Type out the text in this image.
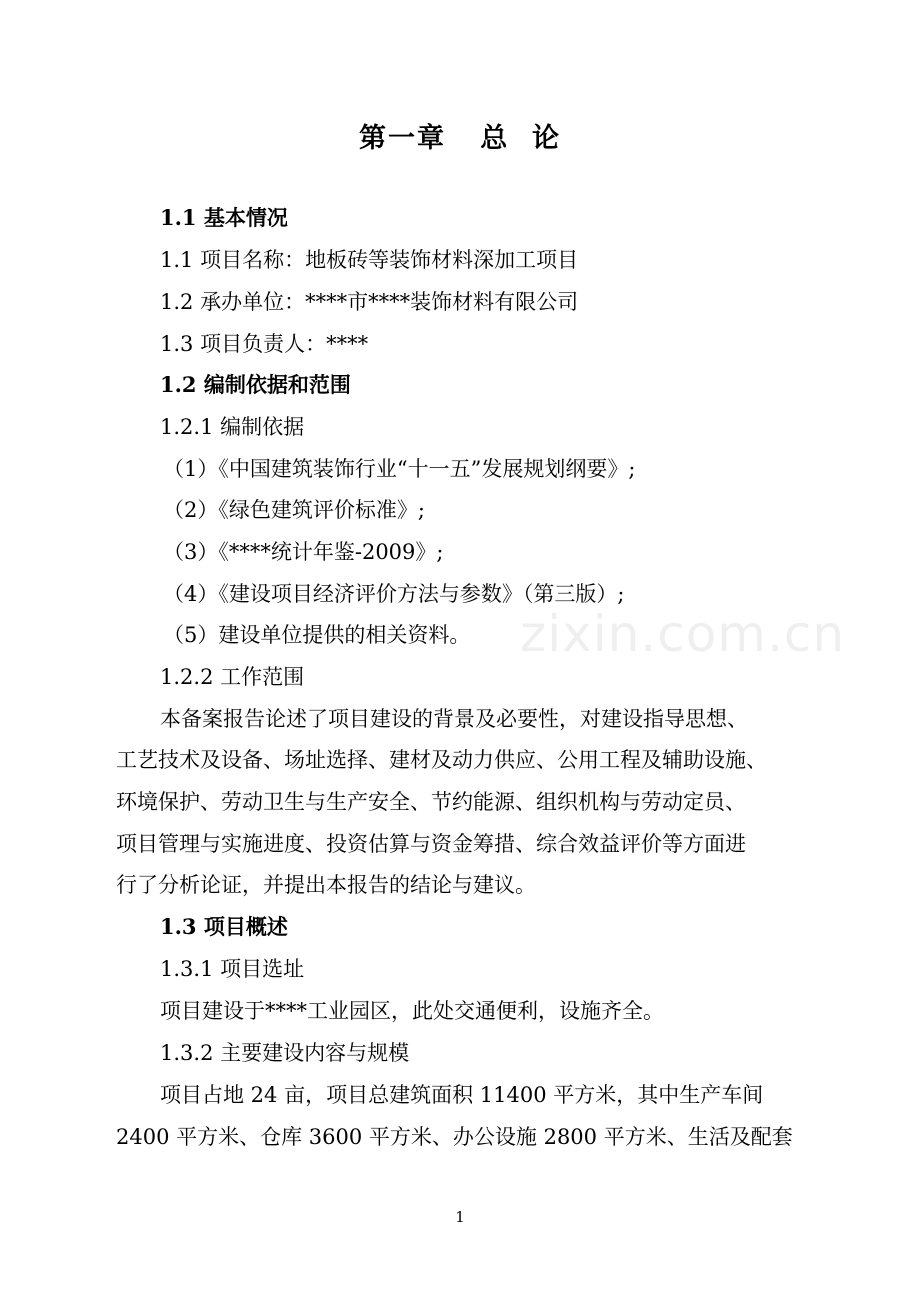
第一章   总  论
1.1 基本情况
1.1 项目名称：地板砖等装饰材料深加工项目
1.2 承办单位：****市****装饰材料有限公司
1.3 项目负责人：****
1.2 编制依据和范围
1.2.1 编制依据
（1）《中国建筑装饰行业“十一五”发展规划纲要》;
（2）《绿色建筑评价标准》;
（3）《****统计年鉴-2009》;
（4）《建设项目经济评价方法与参数》（第三版）;
（5）建设单位提供的相关资料。
1.2.2 工作范围
本备案报告论述了项目建设的背景及必要性，对建设指导思想、
工艺技术及设备、场址选择、建材及动力供应、公用工程及辅助设施、
环境保护、劳动卫生与生产安全、节约能源、组织机构与劳动定员、
项目管理与实施进度、投资估算与资金筹措、综合效益评价等方面进
行了分析论证，并提出本报告的结论与建议。
1.3 项目概述
1.3.1 项目选址
项目建设于****工业园区，此处交通便利，设施齐全。
1.3.2 主要建设内容与规模
项目占地 24 亩，项目总建筑面积 11400 平方米，其中生产车间
2400 平方米、仓库 3600 平方米、办公设施 2800 平方米、生活及配套
zixin.com.cn
1
